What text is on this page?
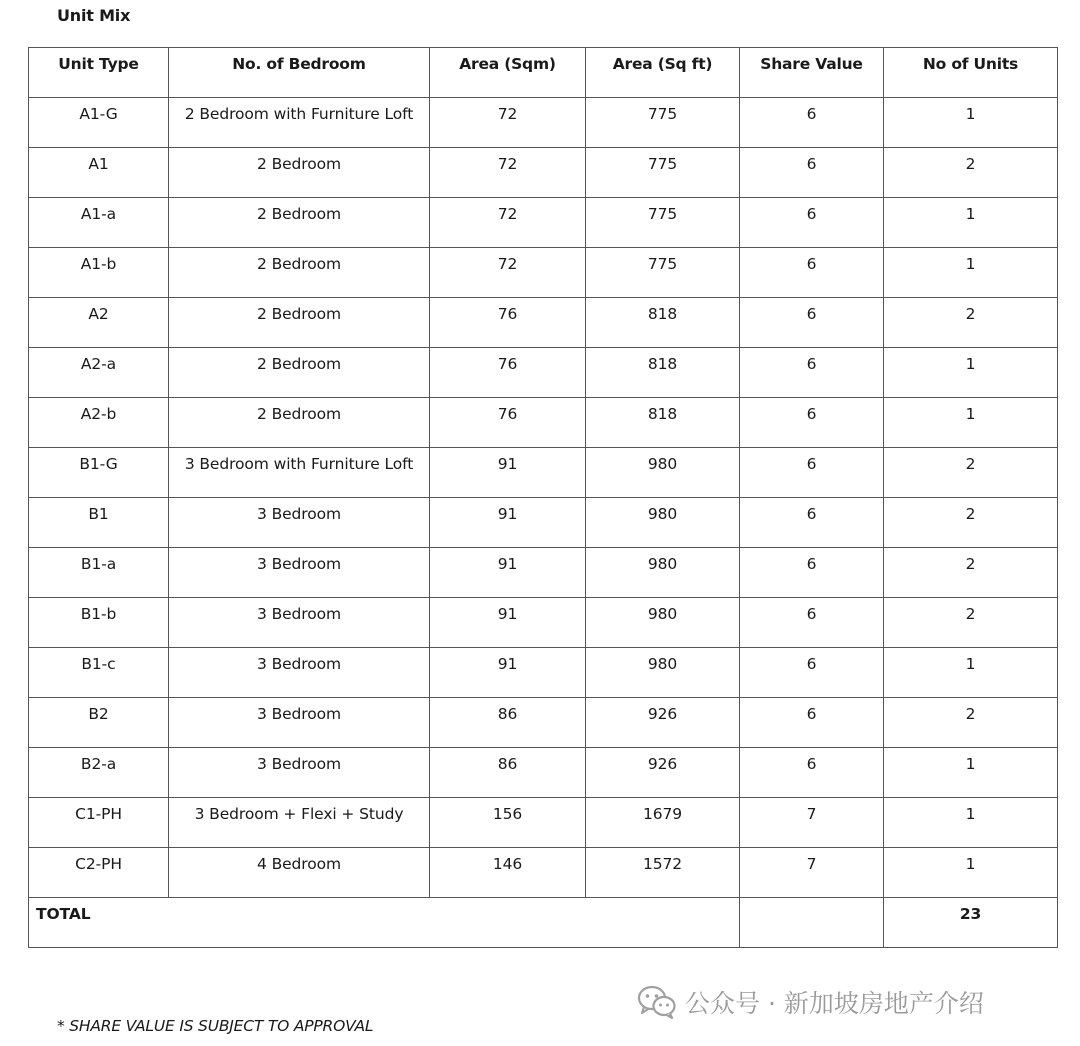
Unit Mix
Unit Type	No. of Bedroom	Area (Sqm)	Area (Sq ft)	Share Value	No of Units
A1-G	2 Bedroom with Furniture Loft	72	775	6	1
A1	2 Bedroom	72	775	6	2
A1-a	2 Bedroom	72	775	6	1
A1-b	2 Bedroom	72	775	6	1
A2	2 Bedroom	76	818	6	2
A2-a	2 Bedroom	76	818	6	1
A2-b	2 Bedroom	76	818	6	1
B1-G	3 Bedroom with Furniture Loft	91	980	6	2
B1	3 Bedroom	91	980	6	2
B1-a	3 Bedroom	91	980	6	2
B1-b	3 Bedroom	91	980	6	2
B1-c	3 Bedroom	91	980	6	1
B2	3 Bedroom	86	926	6	2
B2-a	3 Bedroom	86	926	6	1
C1-PH	3 Bedroom + Flexi + Study	156	1679	7	1
C2-PH	4 Bedroom	146	1572	7	1
TOTAL					23
公众号 · 新加坡房地产介绍
* SHARE VALUE IS SUBJECT TO APPROVAL
